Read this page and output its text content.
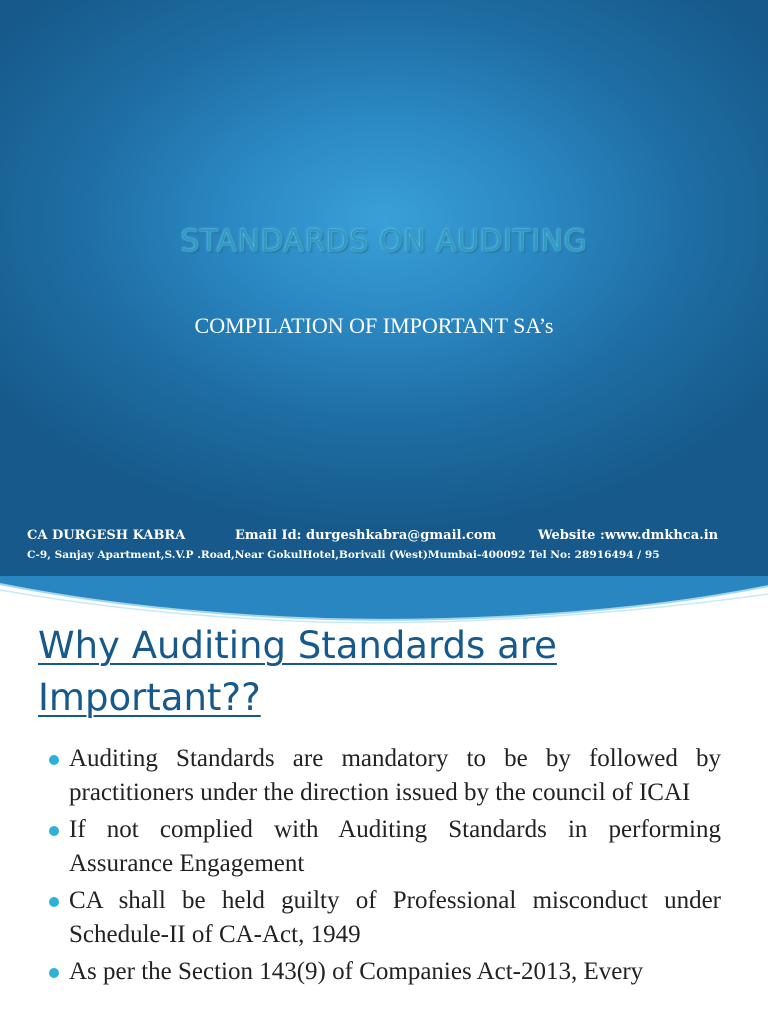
STANDARDS ON AUDITING

COMPILATION OF IMPORTANT SA’s

CA DURGESH KABRA	Email Id: durgeshkabra@gmail.com	Website :www.dmkhca.in
C-9, Sanjay Apartment,S.V.P .Road,Near GokulHotel,Borivali (West)Mumbai-400092 Tel No: 28916494 / 95
Why Auditing Standards are
Important??
Auditing Standards are mandatory to be by followed by practitioners under the direction issued by the council of ICAI
If not complied with Auditing Standards in performing Assurance Engagement
CA shall be held guilty of Professional misconduct under Schedule-II of CA-Act, 1949
As per the Section 143(9) of Companies Act-2013, Every
